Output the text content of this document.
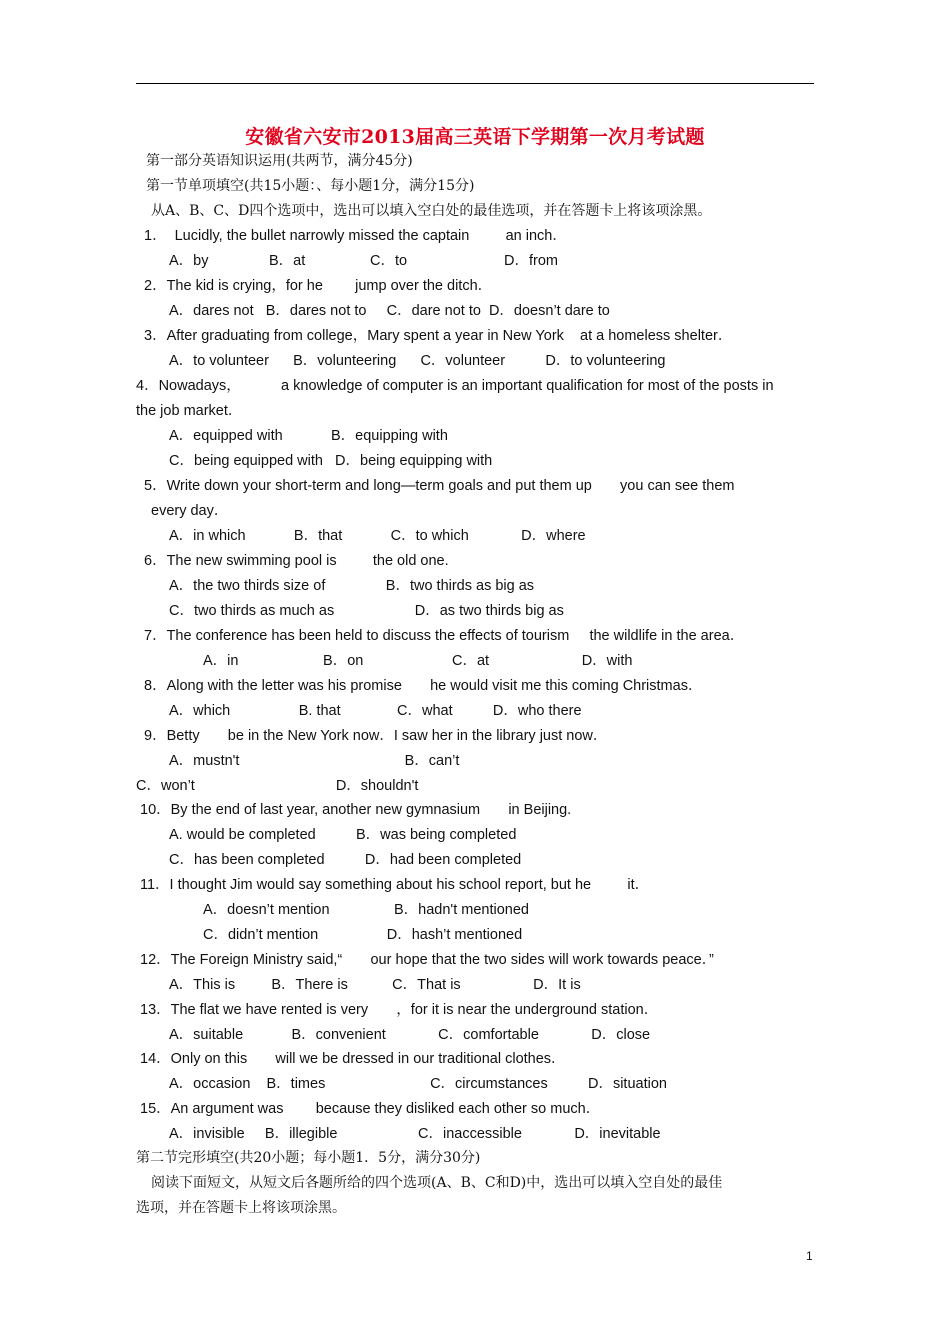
安徽省六安市2013届高三英语下学期第一次月考试题
第一部分英语知识运用(共两节，满分45分)
第一节单项填空(共15小题：、每小题1分，满分15分)
从A、B、C、D四个选项中，选出可以填入空白处的最佳选项，并在答题卡上将该项涂黑。
1．  Lucidly, the bullet narrowly missed the captain         an inch．
A．by	B．at	C．to	D．from
2．The kid is crying，for he        jump over the ditch．
A．dares not   B．dares not to     C．dare not to  D．doesn’t dare to
3．After graduating from college，Mary spent a year in New York    at a homeless shelter．
A．to volunteer      B．volunteering      C．volunteer          D．to volunteering
4．Nowadays，          a knowledge of computer is an important qualification for most of the posts in
the job market．
A．equipped with            B．equipping with
C．being equipped with   D．being equipping with
5．Write down your short-term and long—term goals and put them up       you can see them
every day．
A．in which            B．that            C．to which             D．where
6．The new swimming pool is         the old one.
A．the two thirds size of               B．two thirds as big as
C．two thirds as much as                    D．as two thirds big as
7．The conference has been held to discuss the effects of tourism     the wildlife in the area．
A．in                     B．on                      C．at                       D．with
8．Along with the letter was his promise       he would visit me this coming Christmas．
A．which                 B. that              C．what          D．who there
9．Betty       be in the New York now．I saw her in the library just now．
A．mustn't                                         B．can’t
C．won’t                                   D．shouldn't
10．By the end of last year, another new gymnasium       in Beijing.
A. would be completed          B．was being completed
C．has been completed          D．had been completed
11．I thought Jim would say something about his school report, but he         it．
A．doesn’t mention                B．hadn't mentioned
C．didn’t mention                 D．hash’t mentioned
12．The Foreign Ministry said,“       our hope that the two sides will work towards peace．”
A．This is         B．There is           C．That is                  D．It is
13．The flat we have rented is very       ，for it is near the underground station．
A．suitable            B．convenient             C．comfortable             D．close
14．Only on this       will we be dressed in our traditional clothes．
A．occasion    B．times                          C．circumstances          D．situation
15．An argument was        because they disliked each other so much．
A．invisible     B．illegible                    C．inaccessible             D．inevitable
第二节完形填空(共20小题；每小题1．5分，满分30分)
阅读下面短文，从短文后各题所给的四个选项(A、B、C和D)中，选出可以填入空自处的最佳
选项，并在答题卡上将该项涂黑。
1
